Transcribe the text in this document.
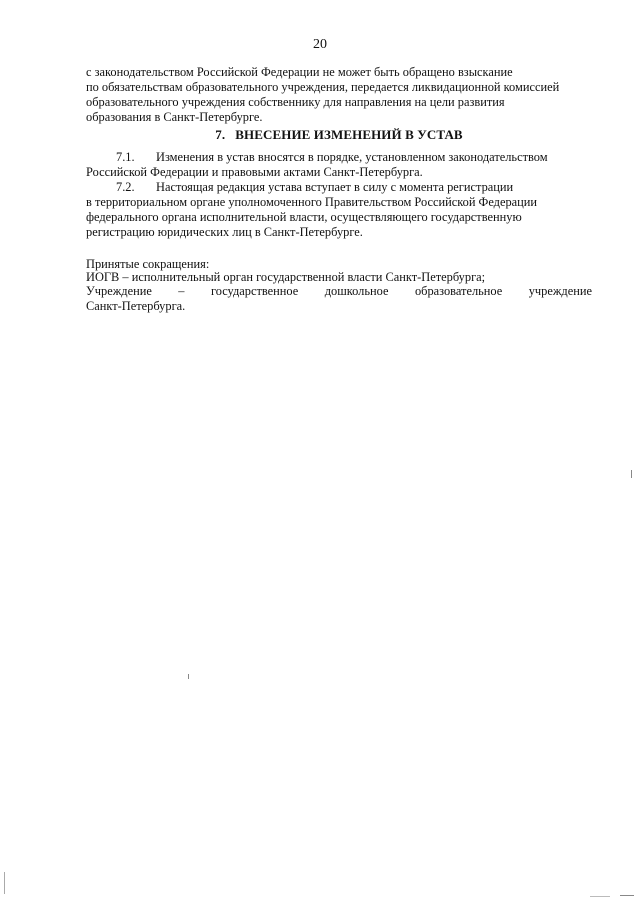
20
с законодательством Российской Федерации не может быть обращено взыскание
по обязательствам образовательного учреждения, передается ликвидационной комиссией
образовательного учреждения собственнику для направления на цели развития
образования в Санкт-Петербурге.
7. ВНЕСЕНИЕ ИЗМЕНЕНИЙ В УСТАВ
7.1. Изменения в устав вносятся в порядке, установленном законодательством
Российской Федерации и правовыми актами Санкт-Петербурга.
7.2. Настоящая редакция устава вступает в силу с момента регистрации
в территориальном органе уполномоченного Правительством Российской Федерации
федерального органа исполнительной власти, осуществляющего государственную
регистрацию юридических лиц в Санкт-Петербурге.
Принятые сокращения:
ИОГВ – исполнительный орган государственной власти Санкт-Петербурга;
Учреждение – государственное дошкольное образовательное учреждение
Санкт-Петербурга.
